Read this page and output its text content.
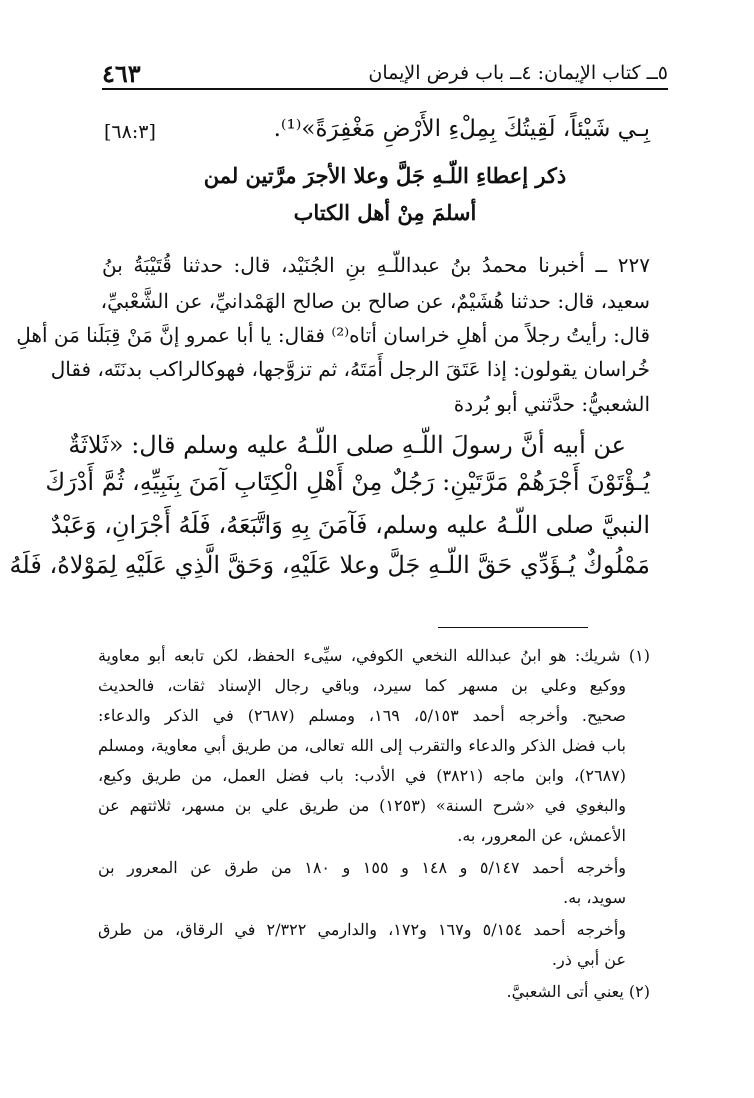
٥ــ كتاب الإيمان: ٤ــ باب فرض الإيمان
٤٦٣
بِـي شَيْئاً، لَقِيتُكَ بِمِلْءِ الأَرْضِ مَغْفِرَةً»⁽¹⁾.
[٦٨:٣]
ذكر إعطاءِ اللّـهِ جَلَّ وعلا الأجرَ مرَّتين لمن
أسلمَ مِنْ أهل الكتاب
٢٢٧ ــ أخبرنا محمدُ بنُ عبداللّـهِ بنِ الجُنَيْد، قال: حدثنا قُتَيْبَةُ بنُ
سعيد، قال: حدثنا هُشَيْمٌ، عن صالح بن صالح الهَمْدانيِّ، عن الشَّعْبيِّ،
قال: رأيتُ رجلاً من أهلِ خراسان أتاه⁽²⁾ فقال: يا أبا عمرو إنَّ مَنْ قِبَلَنا مَن أهلِ
خُراسان يقولون: إذا عَتَقَ الرجل أَمَتَهُ، ثم تزوَّجها، فهوكالراكب بدنَتَه، فقال
الشعبيُّ: حدَّثني أبو بُردة
عن أبيه أنَّ رسولَ اللّـهِ صلى اللّـهُ عليه وسلم قال: «ثَلاثَةٌ
يُـؤْتَوْنَ أَجْرَهُمْ مَرَّتَيْنِ: رَجُلٌ مِنْ أَهْلِ الْكِتَابِ آمَنَ بِنَبِيِّهِ، ثُمَّ أَدْرَكَ
النبيَّ صلى اللّـهُ عليه وسلم، فَآمَنَ بِهِ وَاتَّبَعَهُ، فَلَهُ أَجْرَانِ، وَعَبْدٌ
مَمْلُوكٌ يُـؤَدِّي حَقَّ اللّـهِ جَلَّ وعلا عَلَيْهِ، وَحَقَّ الَّذِي عَلَيْهِ لِمَوْلاهُ، فَلَهُ
(١) شريك: هو ابنُ عبدالله النخعي الكوفي، سيِّىء الحفظ، لكن تابعه أبو معاوية
ووكيع وعلي بن مسهر كما سيرد، وباقي رجال الإسناد ثقات، فالحديث
صحيح. وأخرجه أحمد ٥/١٥٣، ١٦٩، ومسلم (٢٦٨٧) في الذكر والدعاء:
باب فضل الذكر والدعاء والتقرب إلى الله تعالى، من طريق أبي معاوية، ومسلم
(٢٦٨٧)، وابن ماجه (٣٨٢١) في الأدب: باب فضل العمل، من طريق وكيع،
والبغوي في «شرح السنة» (١٢٥٣) من طريق علي بن مسهر، ثلاثتهم عن
الأعمش، عن المعرور، به.
وأخرجه أحمد ٥/١٤٧ و ١٤٨ و ١٥٥ و ١٨٠ من طرق عن المعرور بن
سويد، به.
وأخرجه أحمد ٥/١٥٤ و١٦٧ و١٧٢، والدارمي ٢/٣٢٢ في الرقاق، من طرق
عن أبي ذر.
(٢) يعني أتى الشعبيَّ.
